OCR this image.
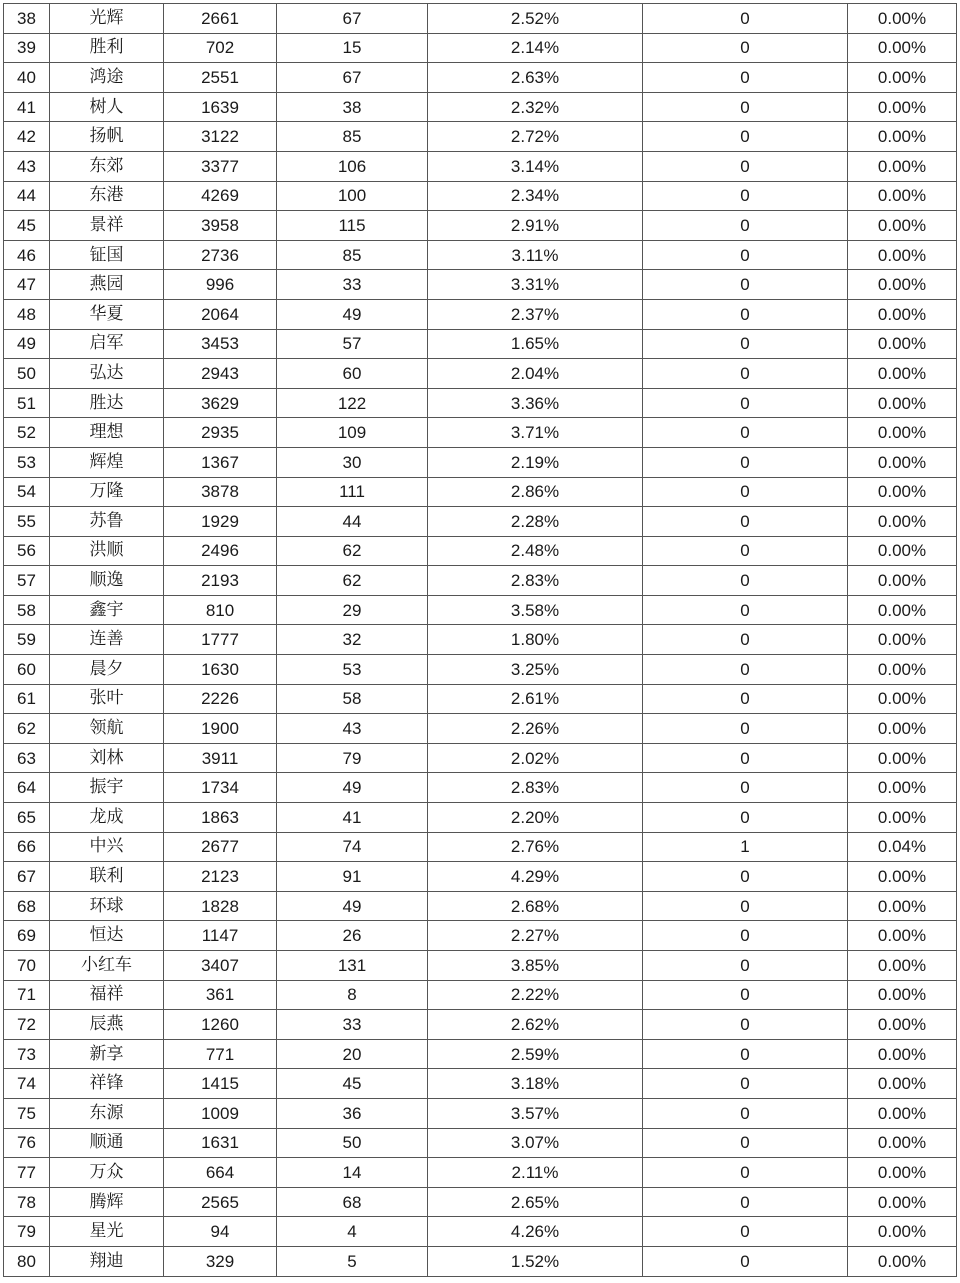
38	光辉	2661	67	2.52%	0	0.00%
39	胜利	702	15	2.14%	0	0.00%
40	鸿途	2551	67	2.63%	0	0.00%
41	树人	1639	38	2.32%	0	0.00%
42	扬帆	3122	85	2.72%	0	0.00%
43	东郊	3377	106	3.14%	0	0.00%
44	东港	4269	100	2.34%	0	0.00%
45	景祥	3958	115	2.91%	0	0.00%
46	钲国	2736	85	3.11%	0	0.00%
47	燕园	996	33	3.31%	0	0.00%
48	华夏	2064	49	2.37%	0	0.00%
49	启军	3453	57	1.65%	0	0.00%
50	弘达	2943	60	2.04%	0	0.00%
51	胜达	3629	122	3.36%	0	0.00%
52	理想	2935	109	3.71%	0	0.00%
53	辉煌	1367	30	2.19%	0	0.00%
54	万隆	3878	111	2.86%	0	0.00%
55	苏鲁	1929	44	2.28%	0	0.00%
56	洪顺	2496	62	2.48%	0	0.00%
57	顺逸	2193	62	2.83%	0	0.00%
58	鑫宇	810	29	3.58%	0	0.00%
59	连善	1777	32	1.80%	0	0.00%
60	晨夕	1630	53	3.25%	0	0.00%
61	张叶	2226	58	2.61%	0	0.00%
62	领航	1900	43	2.26%	0	0.00%
63	刘林	3911	79	2.02%	0	0.00%
64	振宇	1734	49	2.83%	0	0.00%
65	龙成	1863	41	2.20%	0	0.00%
66	中兴	2677	74	2.76%	1	0.04%
67	联利	2123	91	4.29%	0	0.00%
68	环球	1828	49	2.68%	0	0.00%
69	恒达	1147	26	2.27%	0	0.00%
70	小红车	3407	131	3.85%	0	0.00%
71	福祥	361	8	2.22%	0	0.00%
72	辰燕	1260	33	2.62%	0	0.00%
73	新享	771	20	2.59%	0	0.00%
74	祥锋	1415	45	3.18%	0	0.00%
75	东源	1009	36	3.57%	0	0.00%
76	顺通	1631	50	3.07%	0	0.00%
77	万众	664	14	2.11%	0	0.00%
78	腾辉	2565	68	2.65%	0	0.00%
79	星光	94	4	4.26%	0	0.00%
80	翔迪	329	5	1.52%	0	0.00%
